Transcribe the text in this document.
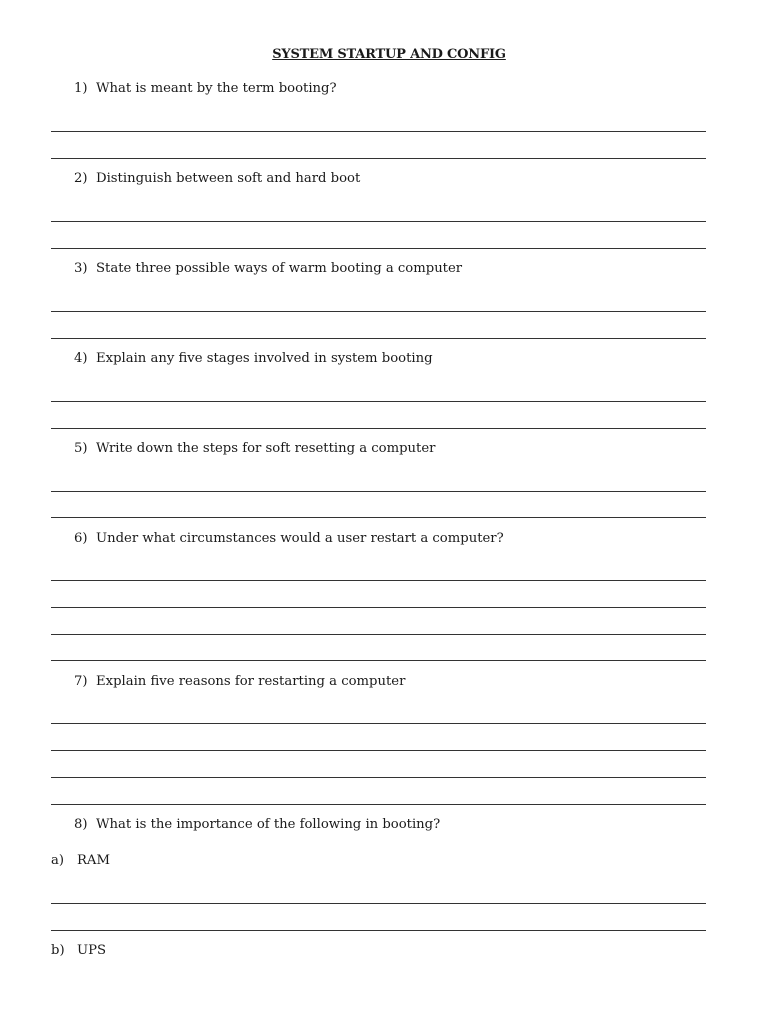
SYSTEM STARTUP AND CONFIG
1) What is meant by the term booting?
2) Distinguish between soft and hard boot
3) State three possible ways of warm booting a computer
4) Explain any five stages involved in system booting
5) Write down the steps for soft resetting a computer
6) Under what circumstances would a user restart a computer?
7) Explain five reasons for restarting a computer
8) What is the importance of the following in booting?
a) RAM
b) UPS
